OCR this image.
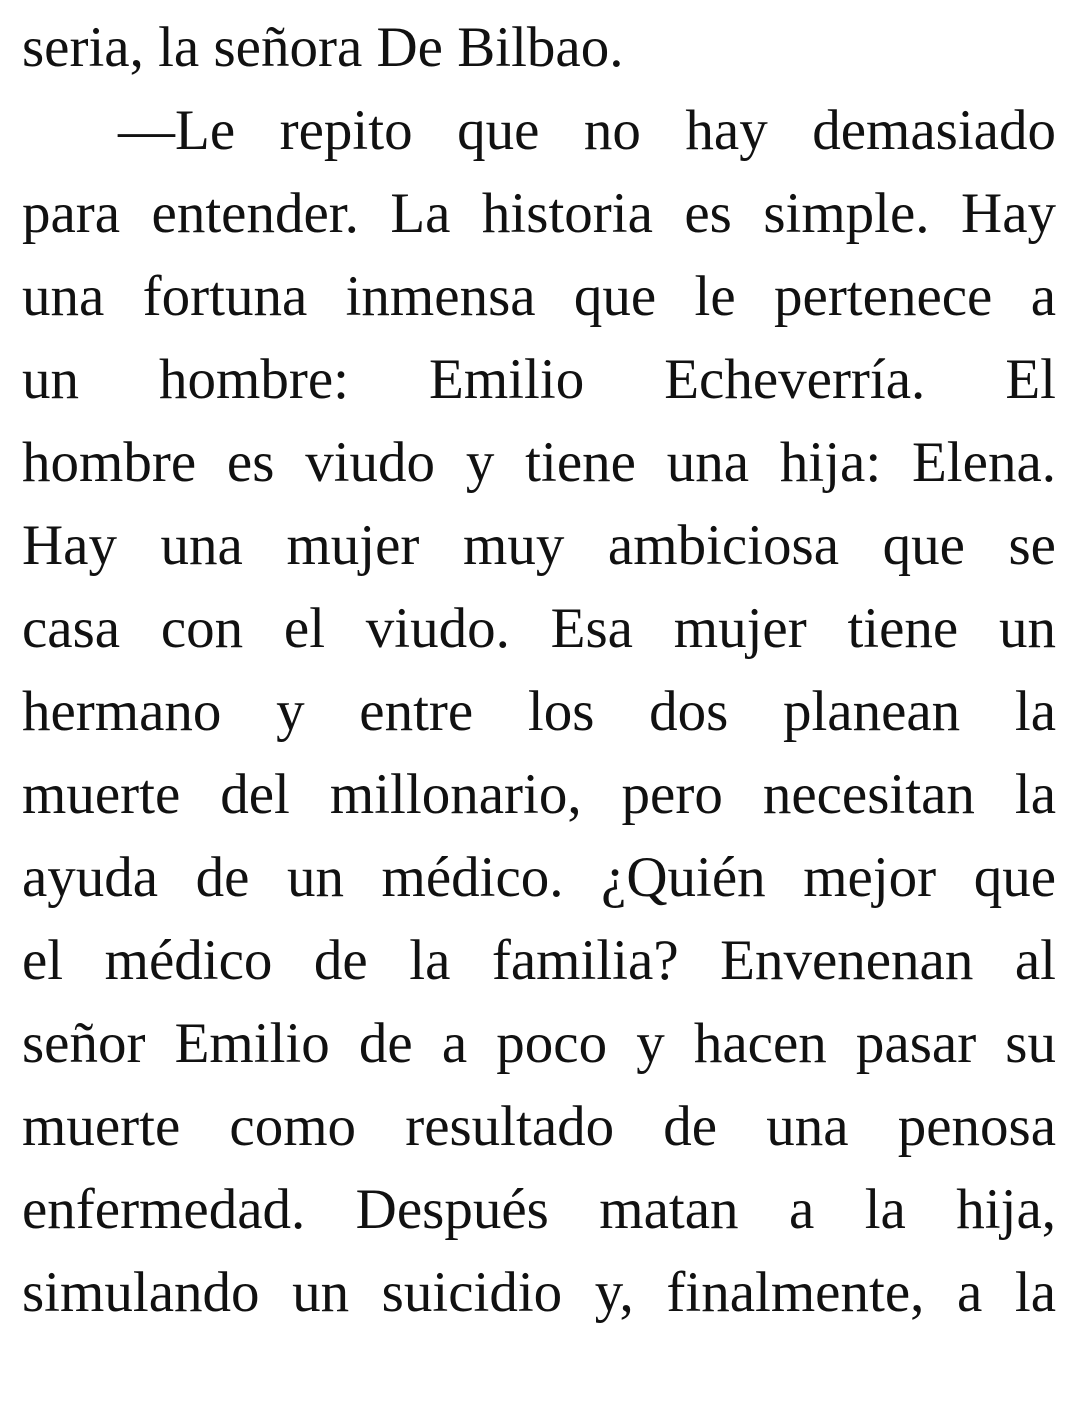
seria, la señora De Bilbao.
—Le repito que no hay demasiado
para entender. La historia es simple. Hay
una fortuna inmensa que le pertenece a
un hombre: Emilio Echeverría. El
hombre es viudo y tiene una hija: Elena.
Hay una mujer muy ambiciosa que se
casa con el viudo. Esa mujer tiene un
hermano y entre los dos planean la
muerte del millonario, pero necesitan la
ayuda de un médico. ¿Quién mejor que
el médico de la familia? Envenenan al
señor Emilio de a poco y hacen pasar su
muerte como resultado de una penosa
enfermedad. Después matan a la hija,
simulando un suicidio y, finalmente, a la
